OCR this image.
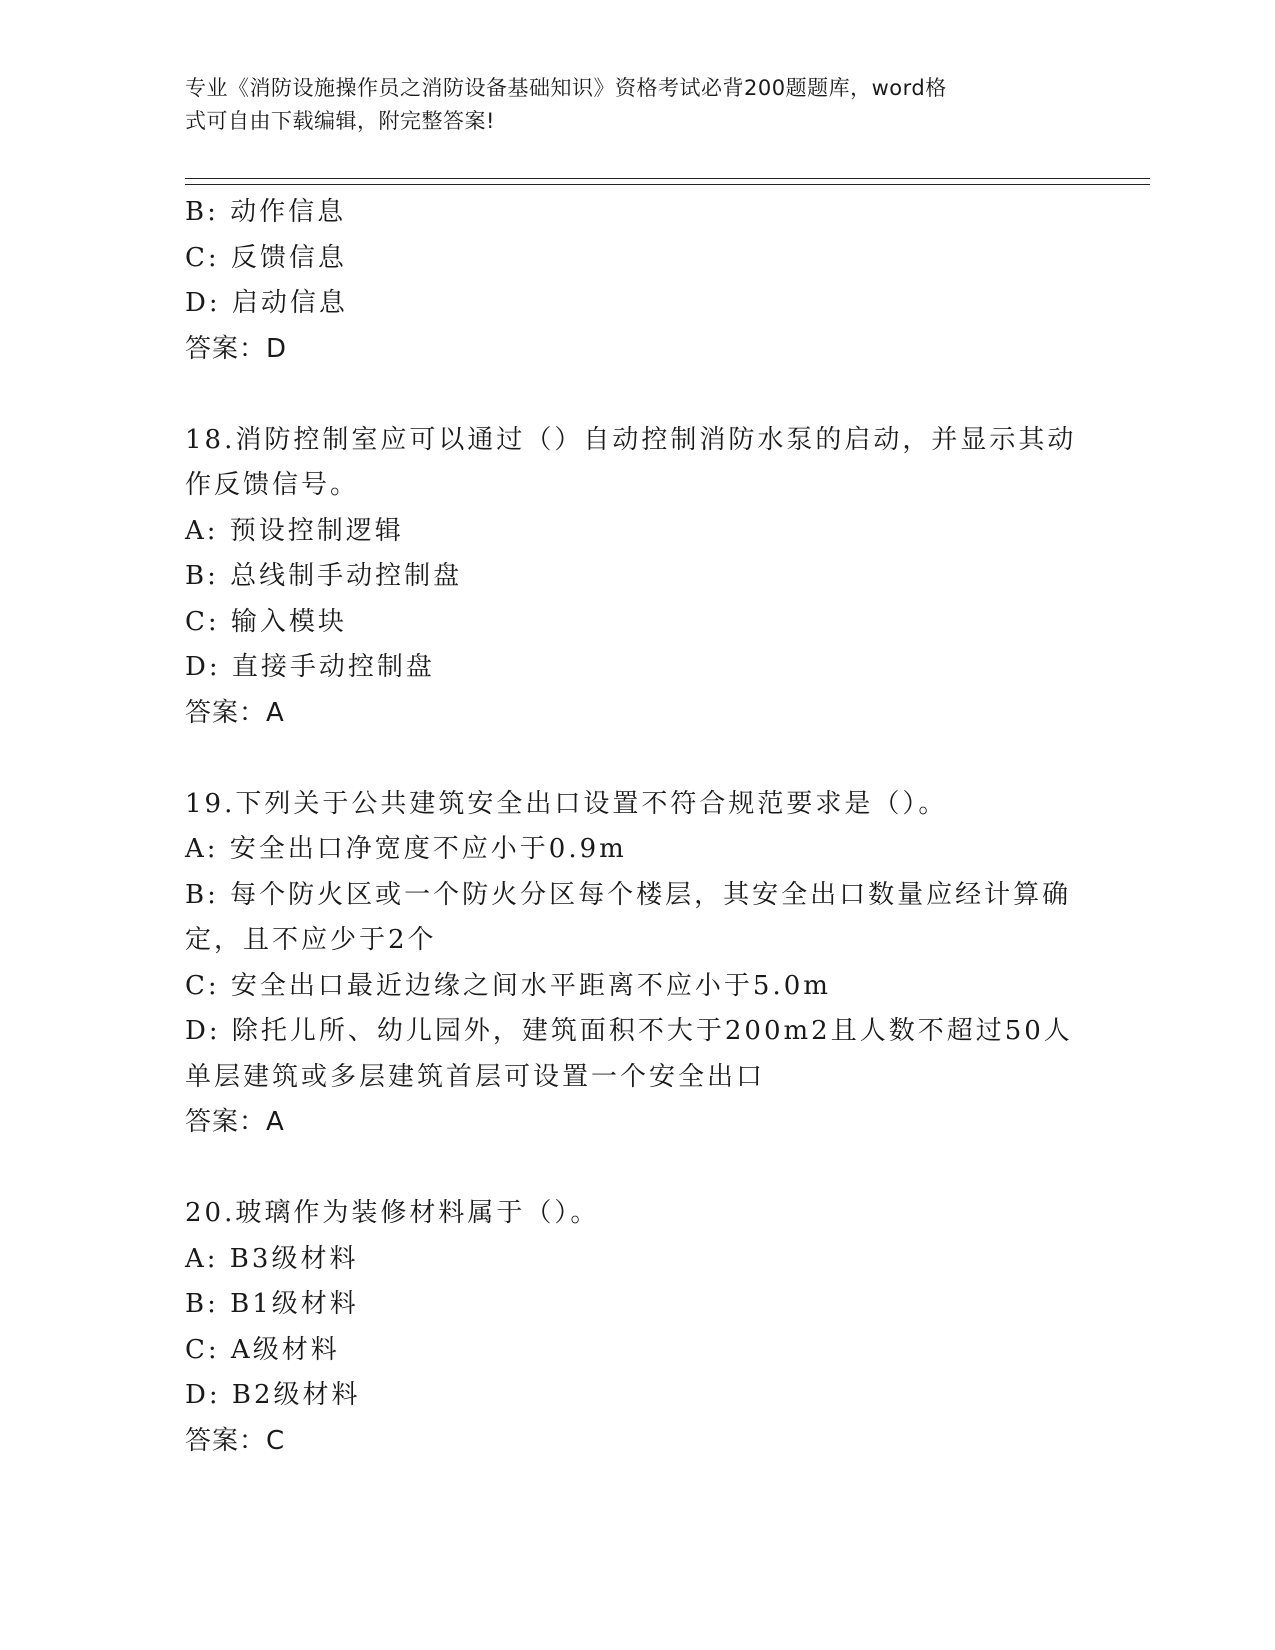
专业《消防设施操作员之消防设备基础知识》资格考试必背200题题库，word格
式可自由下载编辑，附完整答案!
B: 动作信息
C: 反馈信息
D: 启动信息
答案：D
18.消防控制室应可以通过（）自动控制消防水泵的启动，并显示其动
作反馈信号。
A: 预设控制逻辑
B: 总线制手动控制盘
C: 输入模块
D: 直接手动控制盘
答案：A
19.下列关于公共建筑安全出口设置不符合规范要求是（）。
A: 安全出口净宽度不应小于0.9m
B: 每个防火区或一个防火分区每个楼层，其安全出口数量应经计算确
定，且不应少于2个
C: 安全出口最近边缘之间水平距离不应小于5.0m
D: 除托儿所、幼儿园外，建筑面积不大于200m2且人数不超过50人
单层建筑或多层建筑首层可设置一个安全出口
答案：A
20.玻璃作为装修材料属于（）。
A: B3级材料
B: B1级材料
C: A级材料
D: B2级材料
答案：C
